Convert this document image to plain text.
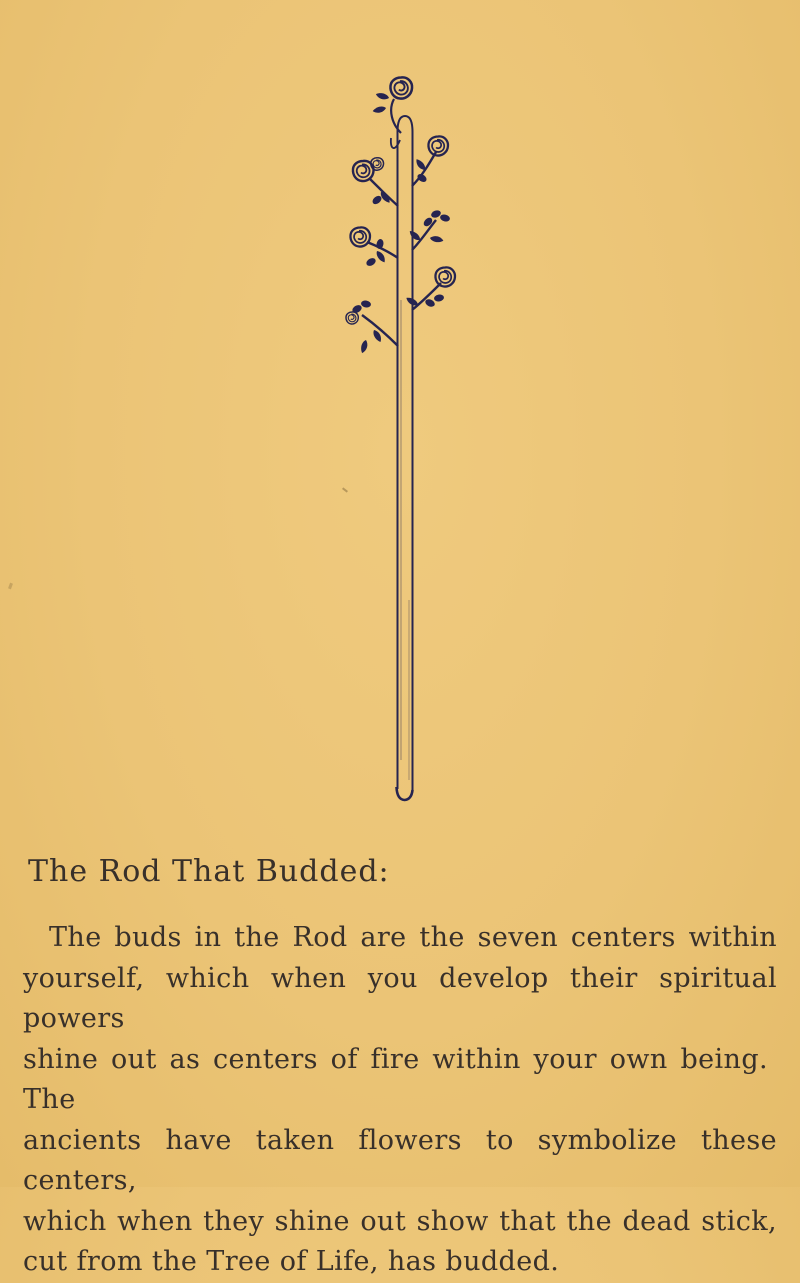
The Rod That Budded:
The buds in the Rod are the seven centers within
yourself, which when you develop their spiritual powers
shine out as centers of fire within your own being.  The
ancients have taken flowers to symbolize these centers,
which when they shine out show that the dead stick,
cut from the Tree of Life, has budded.
